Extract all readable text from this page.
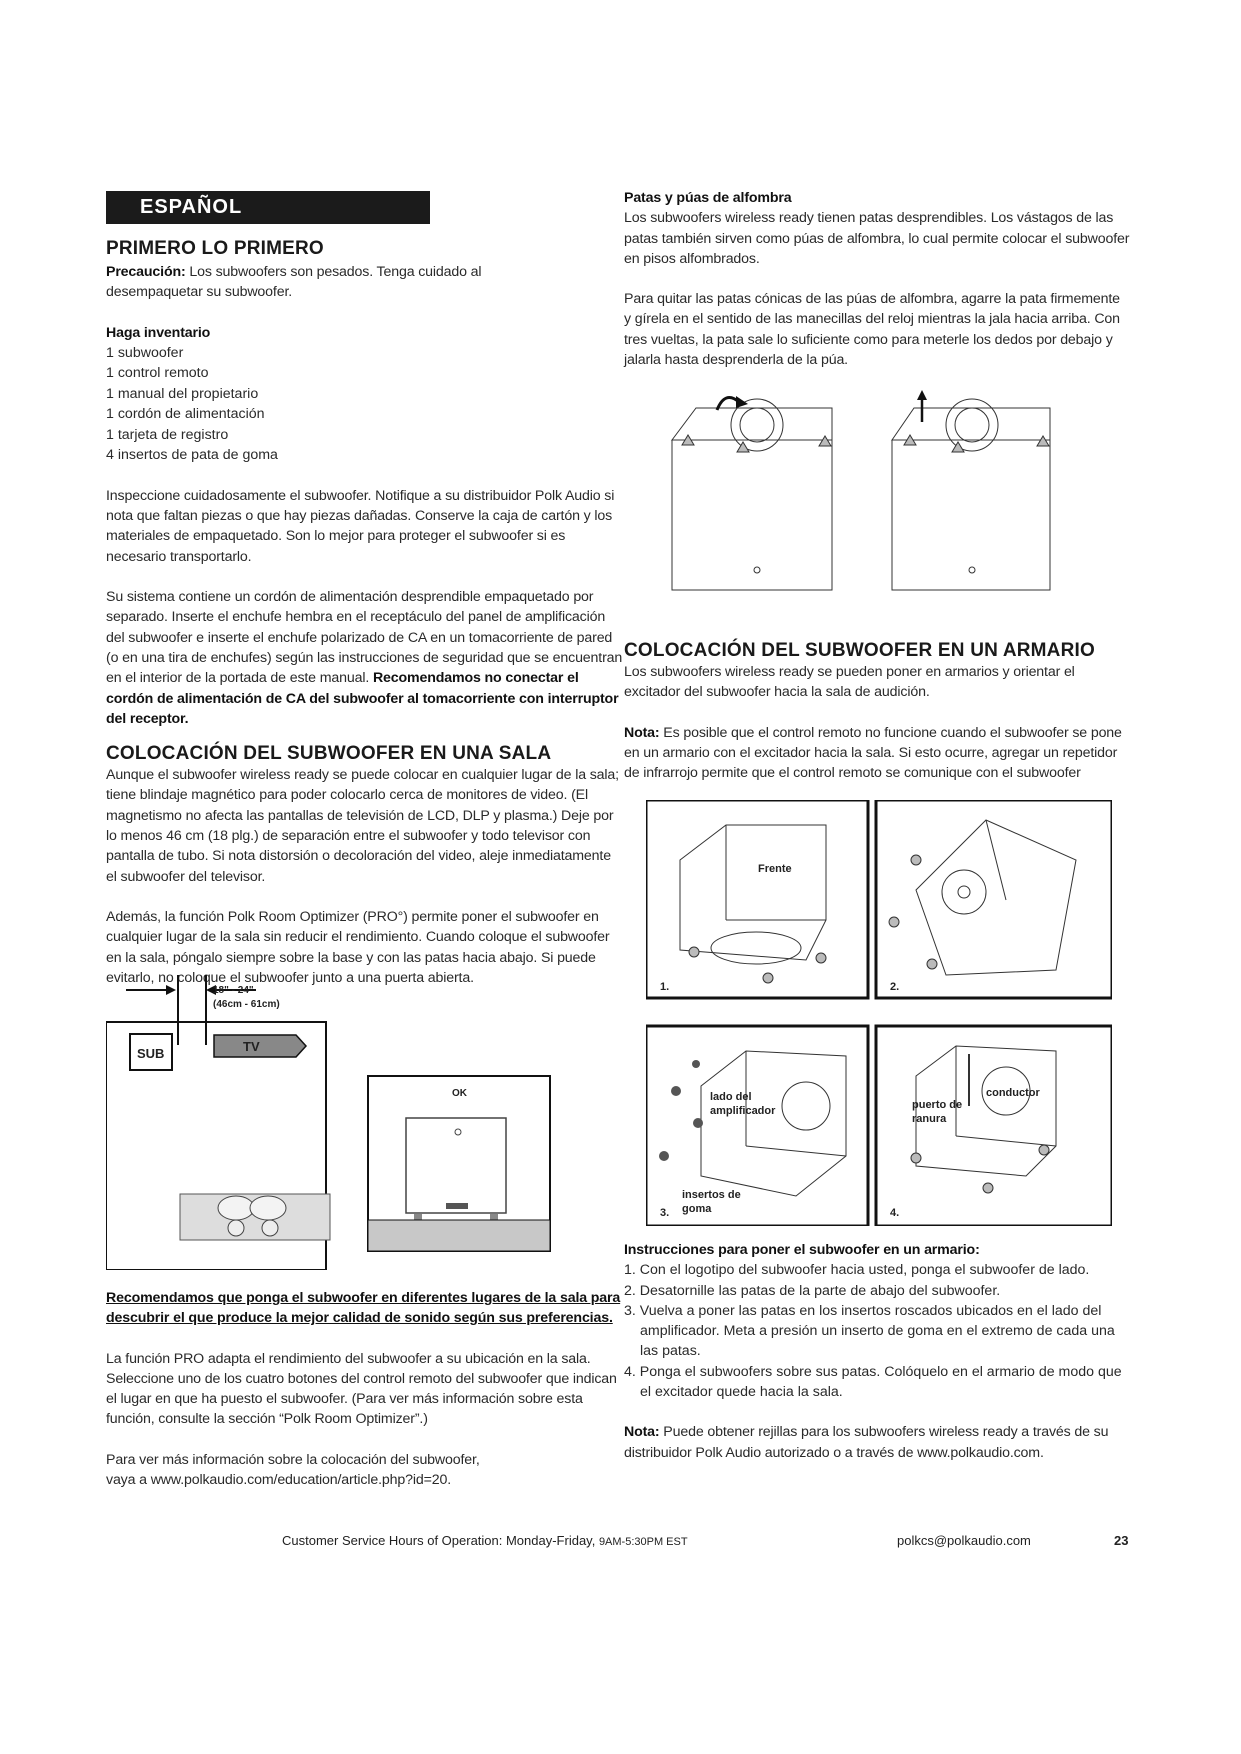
ESPAÑOL
PRIMERO LO PRIMERO

Precaución: Los subwoofers son pesados. Tenga cuidado al desempaquetar su subwoofer.

Haga inventario

1 subwoofer
1 control remoto
1 manual del propietario
1 cordón de alimentación
1 tarjeta de registro
4 insertos de pata de goma

Inspeccione cuidadosamente el subwoofer. Notifique a su distribuidor Polk Audio si nota que faltan piezas o que hay piezas dañadas. Conserve la caja de cartón y los materiales de empaquetado. Son lo mejor para proteger el subwoofer si es necesario transportarlo.

Su sistema contiene un cordón de alimentación desprendible empaquetado por separado. Inserte el enchufe hembra en el receptáculo del panel de amplificación del subwoofer e inserte el enchufe polarizado de CA en un tomacorriente de pared (o en una tira de enchufes) según las instrucciones de seguridad que se encuentran en el interior de la portada de este manual. Recomendamos no conectar el cordón de alimentación de CA del subwoofer al tomacorriente con interruptor del receptor.

COLOCACIÓN DEL SUBWOOFER EN UNA SALA

Aunque el subwoofer wireless ready se puede colocar en cualquier lugar de la sala; tiene blindaje magnético para poder colocarlo cerca de monitores de video. (El magnetismo no afecta las pantallas de televisión de LCD, DLP y plasma.) Deje por lo menos 46 cm (18 plg.) de separación entre el subwoofer y todo televisor con pantalla de tubo. Si nota distorsión o decoloración del video, aleje inmediatamente el subwoofer del televisor.

Además, la función Polk Room Optimizer (PRO°) permite poner el subwoofer en cualquier lugar de la sala sin reducir el rendimiento. Cuando coloque el subwoofer en la sala, póngalo siempre sobre la base y con las patas hacia abajo. Si puede evitarlo, no coloque el subwoofer junto a una puerta abierta.

18" - 24"
(46cm - 61cm)
SUB	TV
OK

Recomendamos que ponga el subwoofer en diferentes lugares de la sala para descubrir el que produce la mejor calidad de sonido según sus preferencias.

La función PRO adapta el rendimiento del subwoofer a su ubicación en la sala. Seleccione uno de los cuatro botones del control remoto del subwoofer que indican el lugar en que ha puesto el subwoofer. (Para ver más información sobre esta función, consulte la sección “Polk Room Optimizer”.)

Para ver más información sobre la colocación del subwoofer, vaya a www.polkaudio.com/education/article.php?id=20.

Patas y púas de alfombra

Los subwoofers wireless ready tienen patas desprendibles. Los vástagos de las patas también sirven como púas de alfombra, lo cual permite colocar el subwoofer en pisos alfombrados.

Para quitar las patas cónicas de las púas de alfombra, agarre la pata firmemente y gírela en el sentido de las manecillas del reloj mientras la jala hacia arriba. Con tres vueltas, la pata sale lo suficiente como para meterle los dedos por debajo y jalarla hasta desprenderla de la púa.

COLOCACIÓN DEL SUBWOOFER EN UN ARMARIO

Los subwoofers wireless ready se pueden poner en armarios y orientar el excitador del subwoofer hacia la sala de audición.

Nota: Es posible que el control remoto no funcione cuando el subwoofer se pone en un armario con el excitador hacia la sala. Si esto ocurre, agregar un repetidor de infrarrojo permite que el control remoto se comunique con el subwoofer

Frente
1.	2.
lado del
amplificador
insertos de
goma
3.
conductor
puerto de
ranura
4.

Instrucciones para poner el subwoofer en un armario:

1. Con el logotipo del subwoofer hacia usted, ponga el subwoofer de lado.
2. Desatornille las patas de la parte de abajo del subwoofer.
3. Vuelva a poner las patas en los insertos roscados ubicados en el lado del amplificador. Meta a presión un inserto de goma en el extremo de cada una las patas.
4. Ponga el subwoofers sobre sus patas. Colóquelo en el armario de modo que el excitador quede hacia la sala.

Nota: Puede obtener rejillas para los subwoofers wireless ready a través de su distribuidor Polk Audio autorizado o a través de www.polkaudio.com.

Customer Service Hours of Operation: Monday-Friday, 9AM-5:30PM EST	polkcs@polkaudio.com	23
